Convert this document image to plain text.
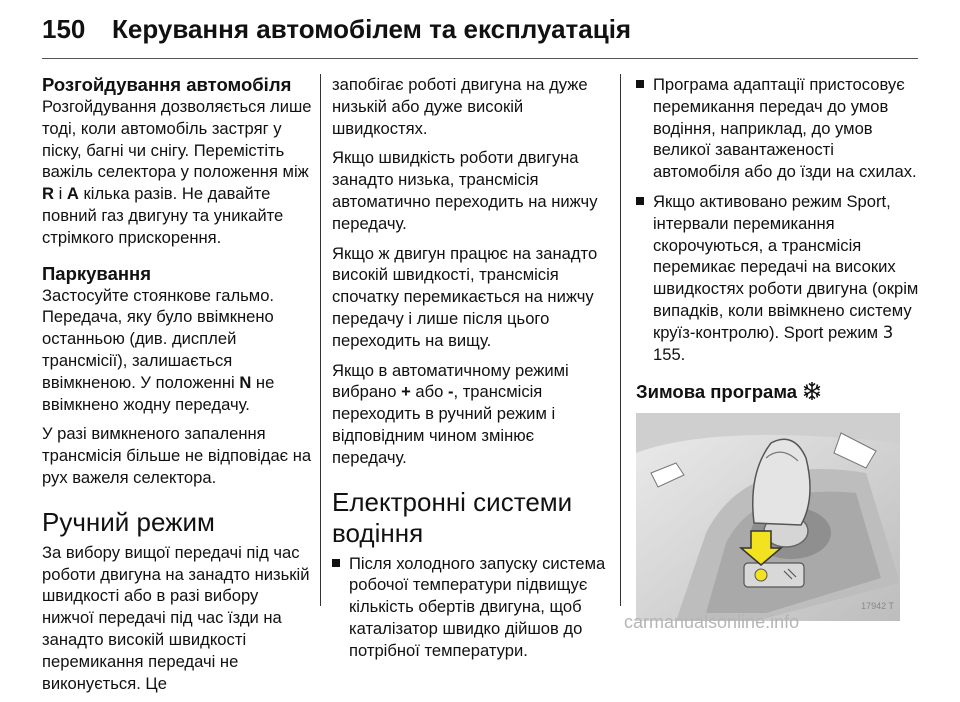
150 Керування автомобілем та експлуатація
Розгойдування автомобіля

Розгойдування дозволяється лише тоді, коли автомобіль застряг у піску, багні чи снігу. Перемістіть важіль селектора у положення між R і A кілька разів. Не давайте повний газ двигуну та уникайте стрімкого прискорення.

Паркування

Застосуйте стоянкове гальмо. Передача, яку було ввімкнено останньою (див. дисплей трансмісії), залишається ввімкненою. У положенні N не ввімкнено жодну передачу.

У разі вимкненого запалення трансмісія більше не відповідає на рух важеля селектора.

Ручний режим

За вибору вищої передачі під час роботи двигуна на занадто низькій швидкості або в разі вибору нижчої передачі під час їзди на занадто високій швидкості перемикання передачі не виконується. Це

запобігає роботі двигуна на дуже низькій або дуже високій швидкостях.

Якщо швидкість роботи двигуна занадто низька, трансмісія автоматично переходить на нижчу передачу.

Якщо ж двигун працює на занадто високій швидкості, трансмісія спочатку перемикається на нижчу передачу і лише після цього переходить на вищу.

Якщо в автоматичному режимі вибрано + або -, трансмісія переходить в ручний режим і відповідним чином змінює передачу.

Електронні системи водіння
Після холодного запуску система робочої температури підвищує кількість обертів двигуна, щоб каталізатор швидко дійшов до потрібної температури.
Програма адаптації пристосовує перемикання передач до умов водіння, наприклад, до умов великої завантаженості автомобіля або до їзди на схилах.
Якщо активовано режим Sport, інтервали перемикання скорочуються, а трансмісія перемикає передачі на високих швидкостях роботи двигуна (окрім випадків, коли ввімкнено систему круїз-контролю). Sport режим 3 155.
Зимова програма
17942 T
carmanualsonline.info
